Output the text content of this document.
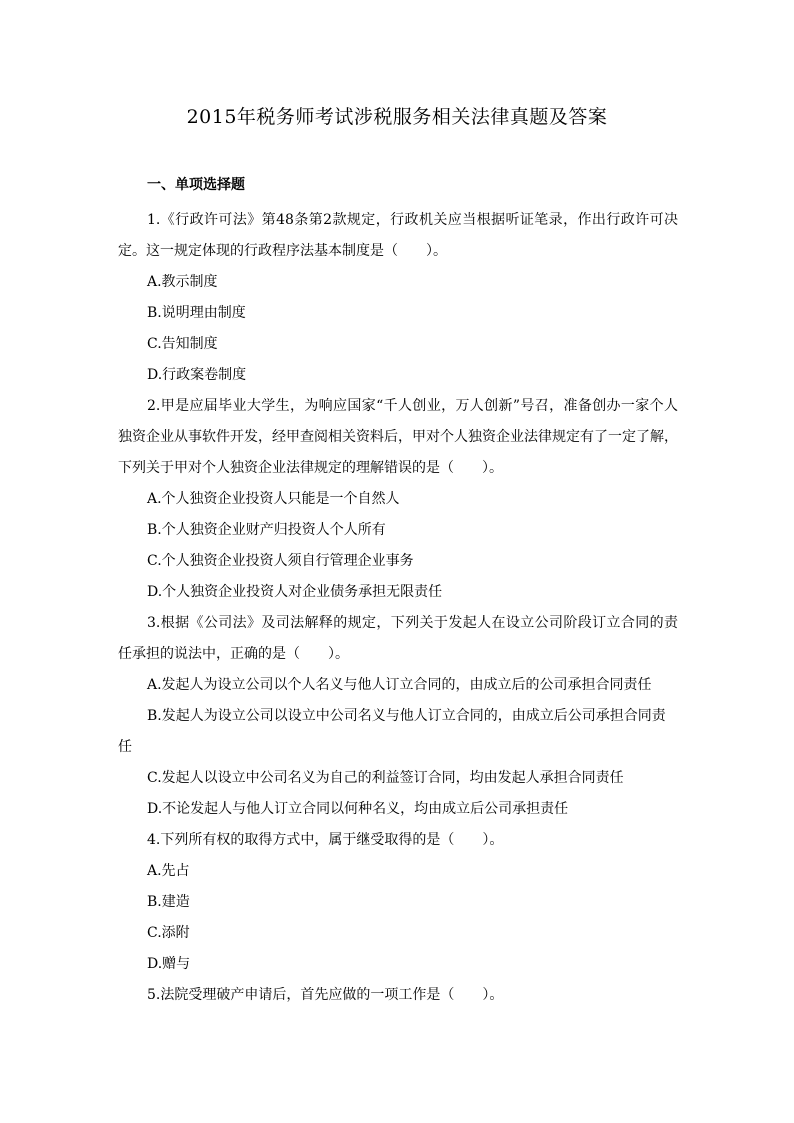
2015年税务师考试涉税服务相关法律真题及答案

一、单项选择题

1.《行政许可法》第48条第2款规定，行政机关应当根据听证笔录，作出行政许可决定。这一规定体现的行政程序法基本制度是（　　）。

A.教示制度

B.说明理由制度

C.告知制度

D.行政案卷制度

2.甲是应届毕业大学生，为响应国家“千人创业，万人创新”号召，准备创办一家个人独资企业从事软件开发，经甲查阅相关资料后，甲对个人独资企业法律规定有了一定了解，下列关于甲对个人独资企业法律规定的理解错误的是（　　）。

A.个人独资企业投资人只能是一个自然人

B.个人独资企业财产归投资人个人所有

C.个人独资企业投资人须自行管理企业事务

D.个人独资企业投资人对企业债务承担无限责任

3.根据《公司法》及司法解释的规定，下列关于发起人在设立公司阶段订立合同的责任承担的说法中，正确的是（　　）。

A.发起人为设立公司以个人名义与他人订立合同的，由成立后的公司承担合同责任

B.发起人为设立公司以设立中公司名义与他人订立合同的，由成立后公司承担合同责任

C.发起人以设立中公司名义为自己的利益签订合同，均由发起人承担合同责任

D.不论发起人与他人订立合同以何种名义，均由成立后公司承担责任

4.下列所有权的取得方式中，属于继受取得的是（　　）。

A.先占

B.建造

C.添附

D.赠与

5.法院受理破产申请后，首先应做的一项工作是（　　）。
